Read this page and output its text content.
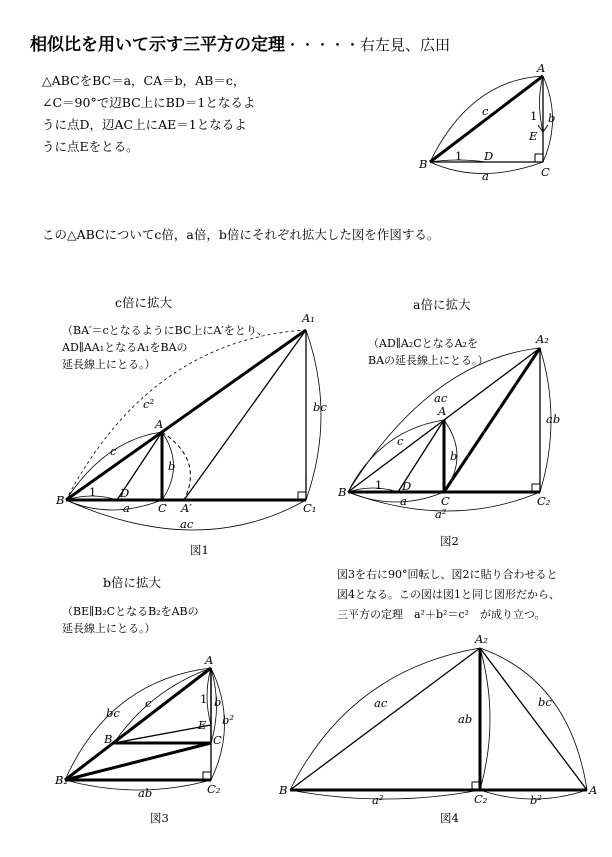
相似比を用いて示す三平方の定理・・・・・右左見、広田
△ABCをBC＝a，CA＝b，AB＝c，
∠C＝90°で辺BC上にBD＝1となるよ
うに点D，辺AC上にAE＝1となるよ
うに点Eをとる。
この△ABCについてc倍，a倍，b倍にそれぞれ拡大した図を作図する。
c倍に拡大
（BA′＝cとなるようにBC上にA′をとり、
AD∥AA₁となるA₁をBAの
延長線上にとる。）
a倍に拡大
（AD∥A₂CとなるA₂を
BAの延長線上にとる。）
b倍に拡大
（BE∥B₂CとなるB₂をABの
延長線上にとる。）
図3を右に90°回転し、図2に貼り合わせると
図4となる。この図は図1と同じ図形だから、
三平方の定理　a²＋b²＝c²　が成り立つ。
図1
図2
図3	図4
A
B
C
D
E
c	b
a
1
1
A₁
B
A
D
C A′	C₁
c
c²
b
bc
a
ac
1
A₂
B
A
D
C	C₂
c
ac
b
ab
a
a²
1
A
B
B₂
C₂
E
C
bc
c	b
b²
ab
1
A₂
B	A
C₂
ac	bc
ab
a²	b²
